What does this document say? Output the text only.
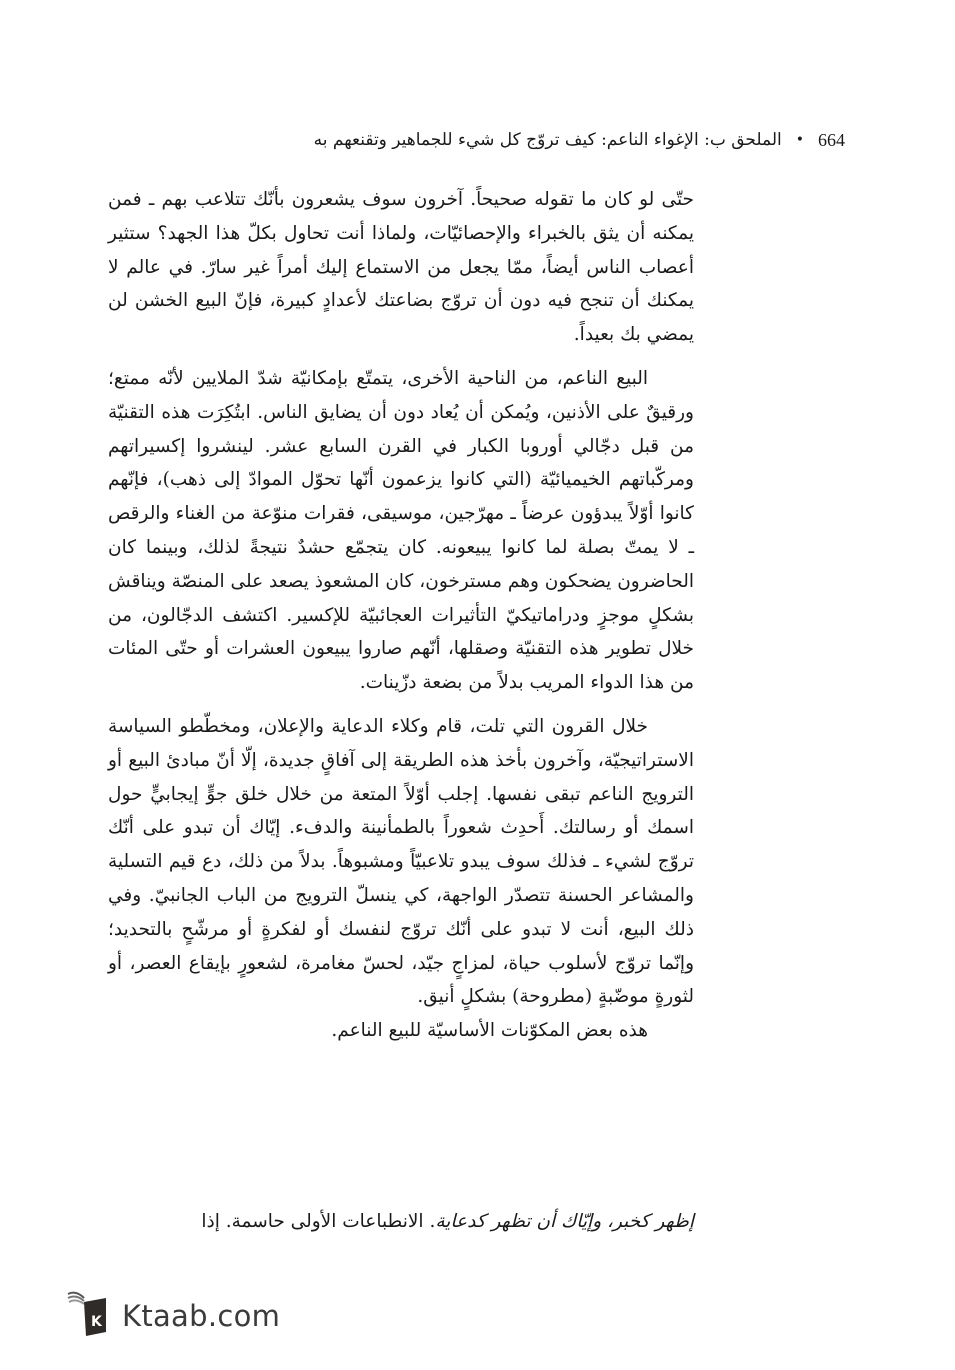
664
•
الملحق ب: الإغواء الناعم: كيف تروّج كل شيء للجماهير وتقنعهم به

حتّى لو كان ما تقوله صحيحاً. آخرون سوف يشعرون بأنّك تتلاعب بهم ـ فمن يمكنه أن يثق بالخبراء والإحصائيّات، ولماذا أنت تحاول بكلّ هذا الجهد؟ ستثير أعصاب الناس أيضاً، ممّا يجعل من الاستماع إليك أمراً غير سارّ. في عالم لا يمكنك أن تنجح فيه دون أن تروّج بضاعتك لأعدادٍ كبيرة، فإنّ البيع الخشن لن يمضي بك بعيداً.

البيع الناعم، من الناحية الأخرى، يتمتّع بإمكانيّة شدّ الملايين لأنّه ممتع؛ ورقيقٌ على الأذنين، ويُمكن أن يُعاد دون أن يضايق الناس. ابتُكِرَت هذه التقنيّة من قبل دجّالي أوروبا الكبار في القرن السابع عشر. لينشروا إكسيراتهم ومركّباتهم الخيميائيّة (التي كانوا يزعمون أنّها تحوّل الموادّ إلى ذهب)، فإنّهم كانوا أوّلاً يبدؤون عرضاً ـ مهرّجين، موسيقى، فقرات منوّعة من الغناء والرقص ـ لا يمتّ بصلة لما كانوا يبيعونه. كان يتجمّع حشدٌ نتيجةً لذلك، وبينما كان الحاضرون يضحكون وهم مسترخون، كان المشعوذ يصعد على المنصّة ويناقش بشكلٍ موجزٍ ودراماتيكيّ التأثيرات العجائبيّة للإكسير. اكتشف الدجّالون، من خلال تطوير هذه التقنيّة وصقلها، أنّهم صاروا يبيعون العشرات أو حتّى المئات من هذا الدواء المريب بدلاً من بضعة دزّينات.

خلال القرون التي تلت، قام وكلاء الدعاية والإعلان، ومخطّطو السياسة الاستراتيجيّة، وآخرون بأخذ هذه الطريقة إلى آفاقٍ جديدة، إلّا أنّ مبادئ البيع أو الترويج الناعم تبقى نفسها. إجلب أوّلاً المتعة من خلال خلق جوٍّ إيجابيٍّ حول اسمك أو رسالتك. أَحدِث شعوراً بالطمأنينة والدفء. إيّاك أن تبدو على أنّك تروّج لشيء ـ فذلك سوف يبدو تلاعبيّاً ومشبوهاً. بدلاً من ذلك، دع قيم التسلية والمشاعر الحسنة تتصدّر الواجهة، كي ينسلّ الترويج من الباب الجانبيّ. وفي ذلك البيع، أنت لا تبدو على أنّك تروّج لنفسك أو لفكرةٍ أو مرشّحٍ بالتحديد؛ وإنّما تروّج لأسلوب حياة، لمزاجٍ جيّد، لحسّ مغامرة، لشعورٍ بإيقاع العصر، أو لثورةٍ موضّبةٍ (مطروحة) بشكلٍ أنيق.

هذه بعض المكوّنات الأساسيّة للبيع الناعم.

إظهر كخبر، وإيّاك أن تظهر كدعاية. الانطباعات الأولى حاسمة. إذا
K Ktaab.com
